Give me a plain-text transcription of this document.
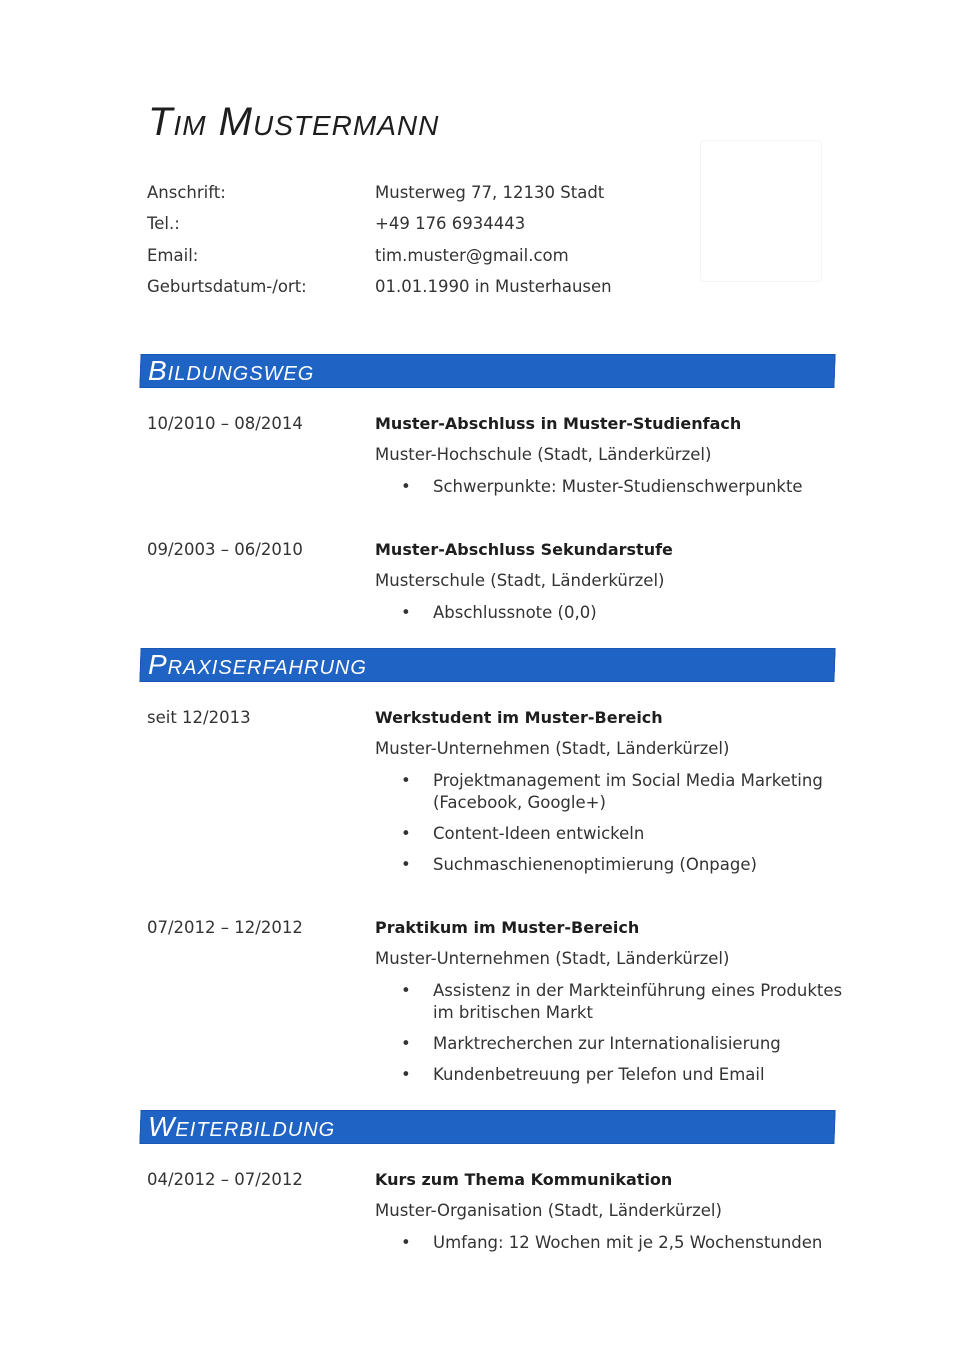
Tim Mustermann
Anschrift:	Musterweg 77, 12130 Stadt
Tel.:	+49 176 6934443
Email:	tim.muster@gmail.com
Geburtsdatum-/ort:	01.01.1990 in Musterhausen
Bildungsweg
10/2010 – 08/2014	Muster-Abschluss in Muster-Studienfach
Muster-Hochschule (Stadt, Länderkürzel)
• Schwerpunkte: Muster-Studienschwerpunkte
09/2003 – 06/2010	Muster-Abschluss Sekundarstufe
Musterschule (Stadt, Länderkürzel)
• Abschlussnote (0,0)
Praxiserfahrung
seit 12/2013	Werkstudent im Muster-Bereich
Muster-Unternehmen (Stadt, Länderkürzel)
• Projektmanagement im Social Media Marketing (Facebook, Google+)
• Content-Ideen entwickeln
• Suchmaschienenoptimierung (Onpage)
07/2012 – 12/2012	Praktikum im Muster-Bereich
Muster-Unternehmen (Stadt, Länderkürzel)
• Assistenz in der Markteinführung eines Produktes im britischen Markt
• Marktrecherchen zur Internationalisierung
• Kundenbetreuung per Telefon und Email
Weiterbildung
04/2012 – 07/2012	Kurs zum Thema Kommunikation
Muster-Organisation (Stadt, Länderkürzel)
• Umfang: 12 Wochen mit je 2,5 Wochenstunden
